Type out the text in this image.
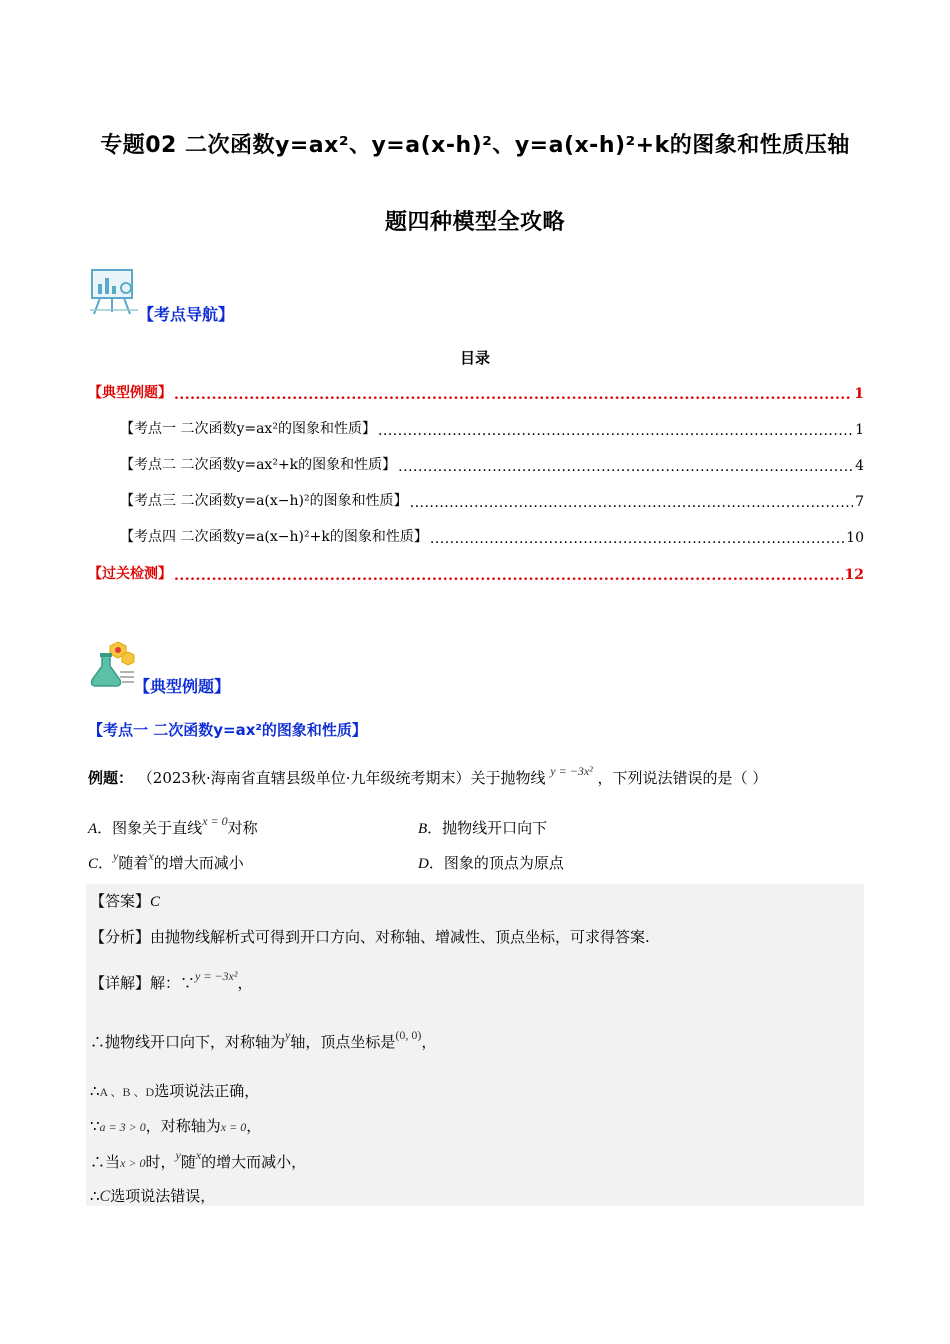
专题02 二次函数y=ax²、y=a(x-h)²、y=a(x-h)²+k的图象和性质压轴
题四种模型全攻略
【考点导航】
目录
【典型例题】 .....	1
【考点一 二次函数y=ax²的图象和性质】 .....	1
【考点二 二次函数y=ax²+k的图象和性质】 .....	4
【考点三 二次函数y=a(x−h)²的图象和性质】 .....	7
【考点四 二次函数y=a(x−h)²+k的图象和性质】 .....	10
【过关检测】 .....	12
【典型例题】
【考点一 二次函数y=ax²的图象和性质】
例题： （2023秋·海南省直辖县级单位·九年级统考期末）关于抛物线 $^{y = -3x^2}$ ，下列说法错误的是（ ）
A．图象关于直线$^{x = 0}$对称	B．抛物线开口向下
C．$^y$随着$^x$的增大而减小	D．图象的顶点为原点
【答案】C
【分析】由抛物线解析式可得到开口方向、对称轴、增减性、顶点坐标，可求得答案.
【详解】解：∵$^{y = -3x^2}$，
∴抛物线开口向下，对称轴为$^y$轴，顶点坐标是$^{(0, 0)}$，
∴A 、B 、D选项说法正确，
∵a = 3 > 0，对称轴为x = 0，
∴当x > 0时，$^y$随$^x$的增大而减小，
∴C选项说法错误，
